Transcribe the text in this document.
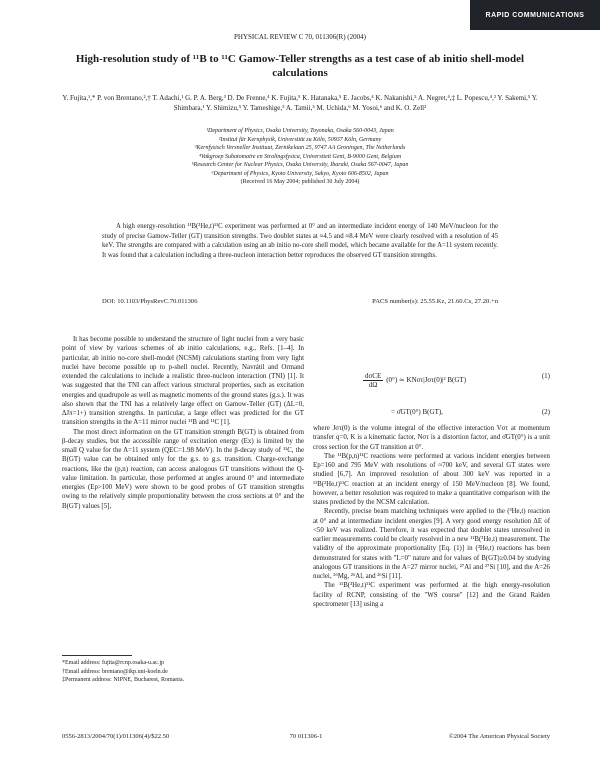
RAPID COMMUNICATIONS
PHYSICAL REVIEW C 70, 011306(R) (2004)
High-resolution study of ¹¹B to ¹¹C Gamow-Teller strengths as a test case of ab initio shell-model calculations
Y. Fujita,¹,* P. von Brentano,²,† T. Adachi,¹ G. P. A. Berg,³ D. De Frenne,⁴ K. Fujita,⁵ K. Hatanaka,⁵ E. Jacobs,⁴ K. Nakanishi,⁵ A. Negret,⁴,‡ L. Popescu,⁴,² Y. Sakemi,⁵ Y. Shimbara,¹ Y. Shimizu,⁵ Y. Tameshige,⁵ A. Tamii,⁵ M. Uchida,⁶ M. Yosoi,⁶ and K. O. Zell²
¹Department of Physics, Osaka University, Toyonaka, Osaka 560-0043, Japan
²Institut für Kernphysik, Universität zu Köln, 50937 Köln, Germany
³Kernfysisch Versneller Instituut, Zernikelaan 25, 9747 AA Groningen, The Netherlands
⁴Vakgroep Subatomaire en Stralingsfysica, Universiteit Gent, B-9000 Gent, Belgium
⁵Research Center for Nuclear Physics, Osaka University, Ibaraki, Osaka 567-0047, Japan
⁶Department of Physics, Kyoto University, Sakyo, Kyoto 606-8502, Japan
(Received 16 May 2004; published 30 July 2004)
A high energy-resolution ¹¹B(³He,t)¹¹C experiment was performed at 0° and an intermediate incident energy of 140 MeV/nucleon for the study of precise Gamow-Teller (GT) transition strengths. Two doublet states at ≈4.5 and ≈8.4 MeV were clearly resolved with a resolution of 45 keV. The strengths are compared with a calculation using an ab initio no-core shell model, which became available for the A=11 system recently. It was found that a calculation including a three-nucleon interaction better reproduces the observed GT transition strengths.
DOI: 10.1103/PhysRevC.70.011306	PACS number(s): 25.55.Kz, 21.60.Cs, 27.20.+n

It has become possible to understand the structure of light nuclei from a very basic point of view by various schemes of ab initio calculations, e.g., Refs. [1–4]. In particular, ab initio no-core shell-model (NCSM) calculations starting from very light nuclei have become possible up to p-shell nuclei. Recently, Navrátil and Ormand extended the calculations to include a realistic three-nucleon interaction (TNI) [1]. It was suggested that the TNI can affect various structural properties, such as excitation energies and quadrupole as well as magnetic moments of the ground states (g.s.). It was also shown that the TNI has a relatively large effect on Gamow-Teller (GT) (ΔL=0, ΔJπ=1+) transition strengths. In particular, a large effect was predicted for the GT transition strengths in the A=11 mirror nuclei ¹¹B and ¹¹C [1].

The most direct information on the GT transition strength B(GT) is obtained from β-decay studies, but the accessible range of excitation energy (Ex) is limited by the small Q value for the A=11 system (QEC=1.98 MeV). In the β-decay study of ¹¹C, the B(GT) value can be obtained only for the g.s. to g.s. transition. Charge-exchange reactions, like the (p,n) reaction, can access analogous GT transitions without the Q-value limitation. In particular, those performed at angles around 0° and intermediate energies (Ep>100 MeV) were shown to be good probes of GT transition strengths owing to the relatively simple proportionality between the cross sections at 0° and the B(GT) values [5],

$\frac{\text{dσCE}}{d\Omega} (0^\circ)$ ≃ KNστ|Jστ(0)|² B(GT)
(1)
= σ̂GT(0°) B(GT),	(2)

where Jστ(0) is the volume integral of the effective interaction Vστ at momentum transfer q=0, K is a kinematic factor, Nστ is a distortion factor, and σ̂GT(0°) is a unit cross section for the GT transition at 0°.

The ¹¹B(p,n)¹¹C reactions were performed at various incident energies between Ep=160 and 795 MeV with resolutions of ≈700 keV, and several GT states were studied [6,7]. An improved resolution of about 300 keV was reported in a ¹¹B(³He,t)¹¹C reaction at an incident energy of 150 MeV/nucleon [8]. We found, however, a better resolution was required to make a quantitative comparison with the states predicted by the NCSM calculation.

Recently, precise beam matching techniques were applied to the (³He,t) reaction at 0° and at intermediate incident energies [9]. A very good energy resolution ΔE of <50 keV was realized. Therefore, it was expected that doublet states unresolved in earlier measurements could be clearly resolved in a new ¹¹B(³He,t) measurement. The validity of the approximate proportionality [Eq. (1)] in (³He,t) reactions has been demonstrated for states with "L=0" nature and for values of B(GT)≥0.04 by studying analogous GT transitions in the A=27 mirror nuclei, ²⁷Al and ²⁷Si [10], and the A=26 nuclei, ²⁶Mg, ²⁶Al, and ²⁶Si [11].

The ¹¹B(³He,t)¹¹C experiment was performed at the high energy-resolution facility of RCNP, consisting of the "WS course" [12] and the Grand Raiden spectrometer [13] using a

*Email address: fujita@rcnp.osaka-u.ac.jp
†Email address: brentano@ikp.uni-koeln.de
‡Permanent address: NIPNE, Bucharest, Romania.
0556-2813/2004/70(1)/011306(4)/$22.50	70 011306-1	©2004 The American Physical Society
